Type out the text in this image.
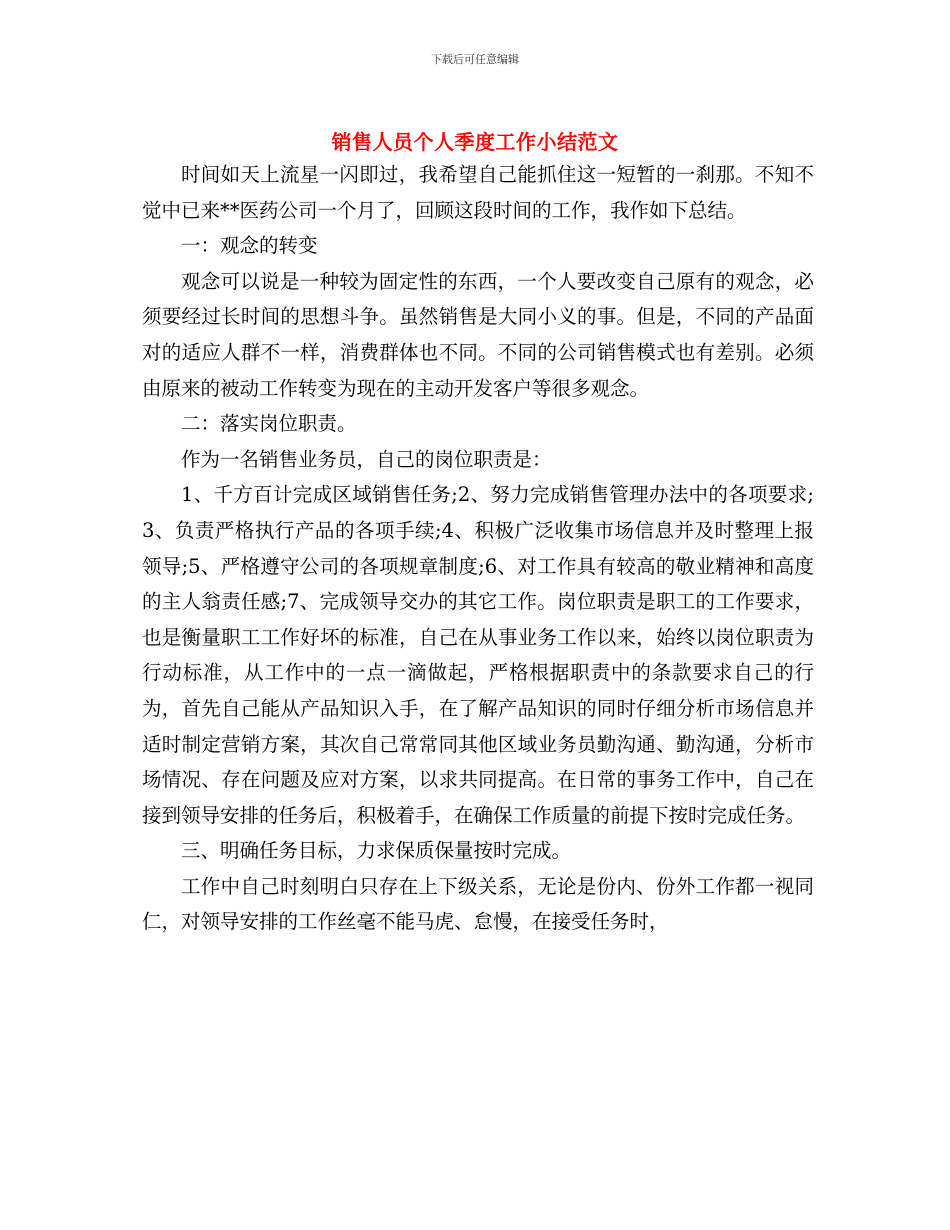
下载后可任意编辑
销售人员个人季度工作小结范文

时间如天上流星一闪即过，我希望自己能抓住这一短暂的一刹那。不知不觉中已来**医药公司一个月了，回顾这段时间的工作，我作如下总结。

一：观念的转变

观念可以说是一种较为固定性的东西，一个人要改变自己原有的观念，必须要经过长时间的思想斗争。虽然销售是大同小义的事。但是，不同的产品面对的适应人群不一样，消费群体也不同。不同的公司销售模式也有差别。必须由原来的被动工作转变为现在的主动开发客户等很多观念。

二：落实岗位职责。

作为一名销售业务员，自己的岗位职责是：

1、千方百计完成区域销售任务;2、努力完成销售管理办法中的各项要求;3、负责严格执行产品的各项手续;4、积极广泛收集市场信息并及时整理上报领导;5、严格遵守公司的各项规章制度;6、对工作具有较高的敬业精神和高度的主人翁责任感;7、完成领导交办的其它工作。岗位职责是职工的工作要求，也是衡量职工工作好坏的标准，自己在从事业务工作以来，始终以岗位职责为行动标准，从工作中的一点一滴做起，严格根据职责中的条款要求自己的行为，首先自己能从产品知识入手，在了解产品知识的同时仔细分析市场信息并适时制定营销方案，其次自己常常同其他区域业务员勤沟通、勤沟通，分析市场情况、存在问题及应对方案，以求共同提高。在日常的事务工作中，自己在接到领导安排的任务后，积极着手，在确保工作质量的前提下按时完成任务。

三、明确任务目标，力求保质保量按时完成。

工作中自己时刻明白只存在上下级关系，无论是份内、份外工作都一视同仁，对领导安排的工作丝毫不能马虎、怠慢，在接受任务时，
